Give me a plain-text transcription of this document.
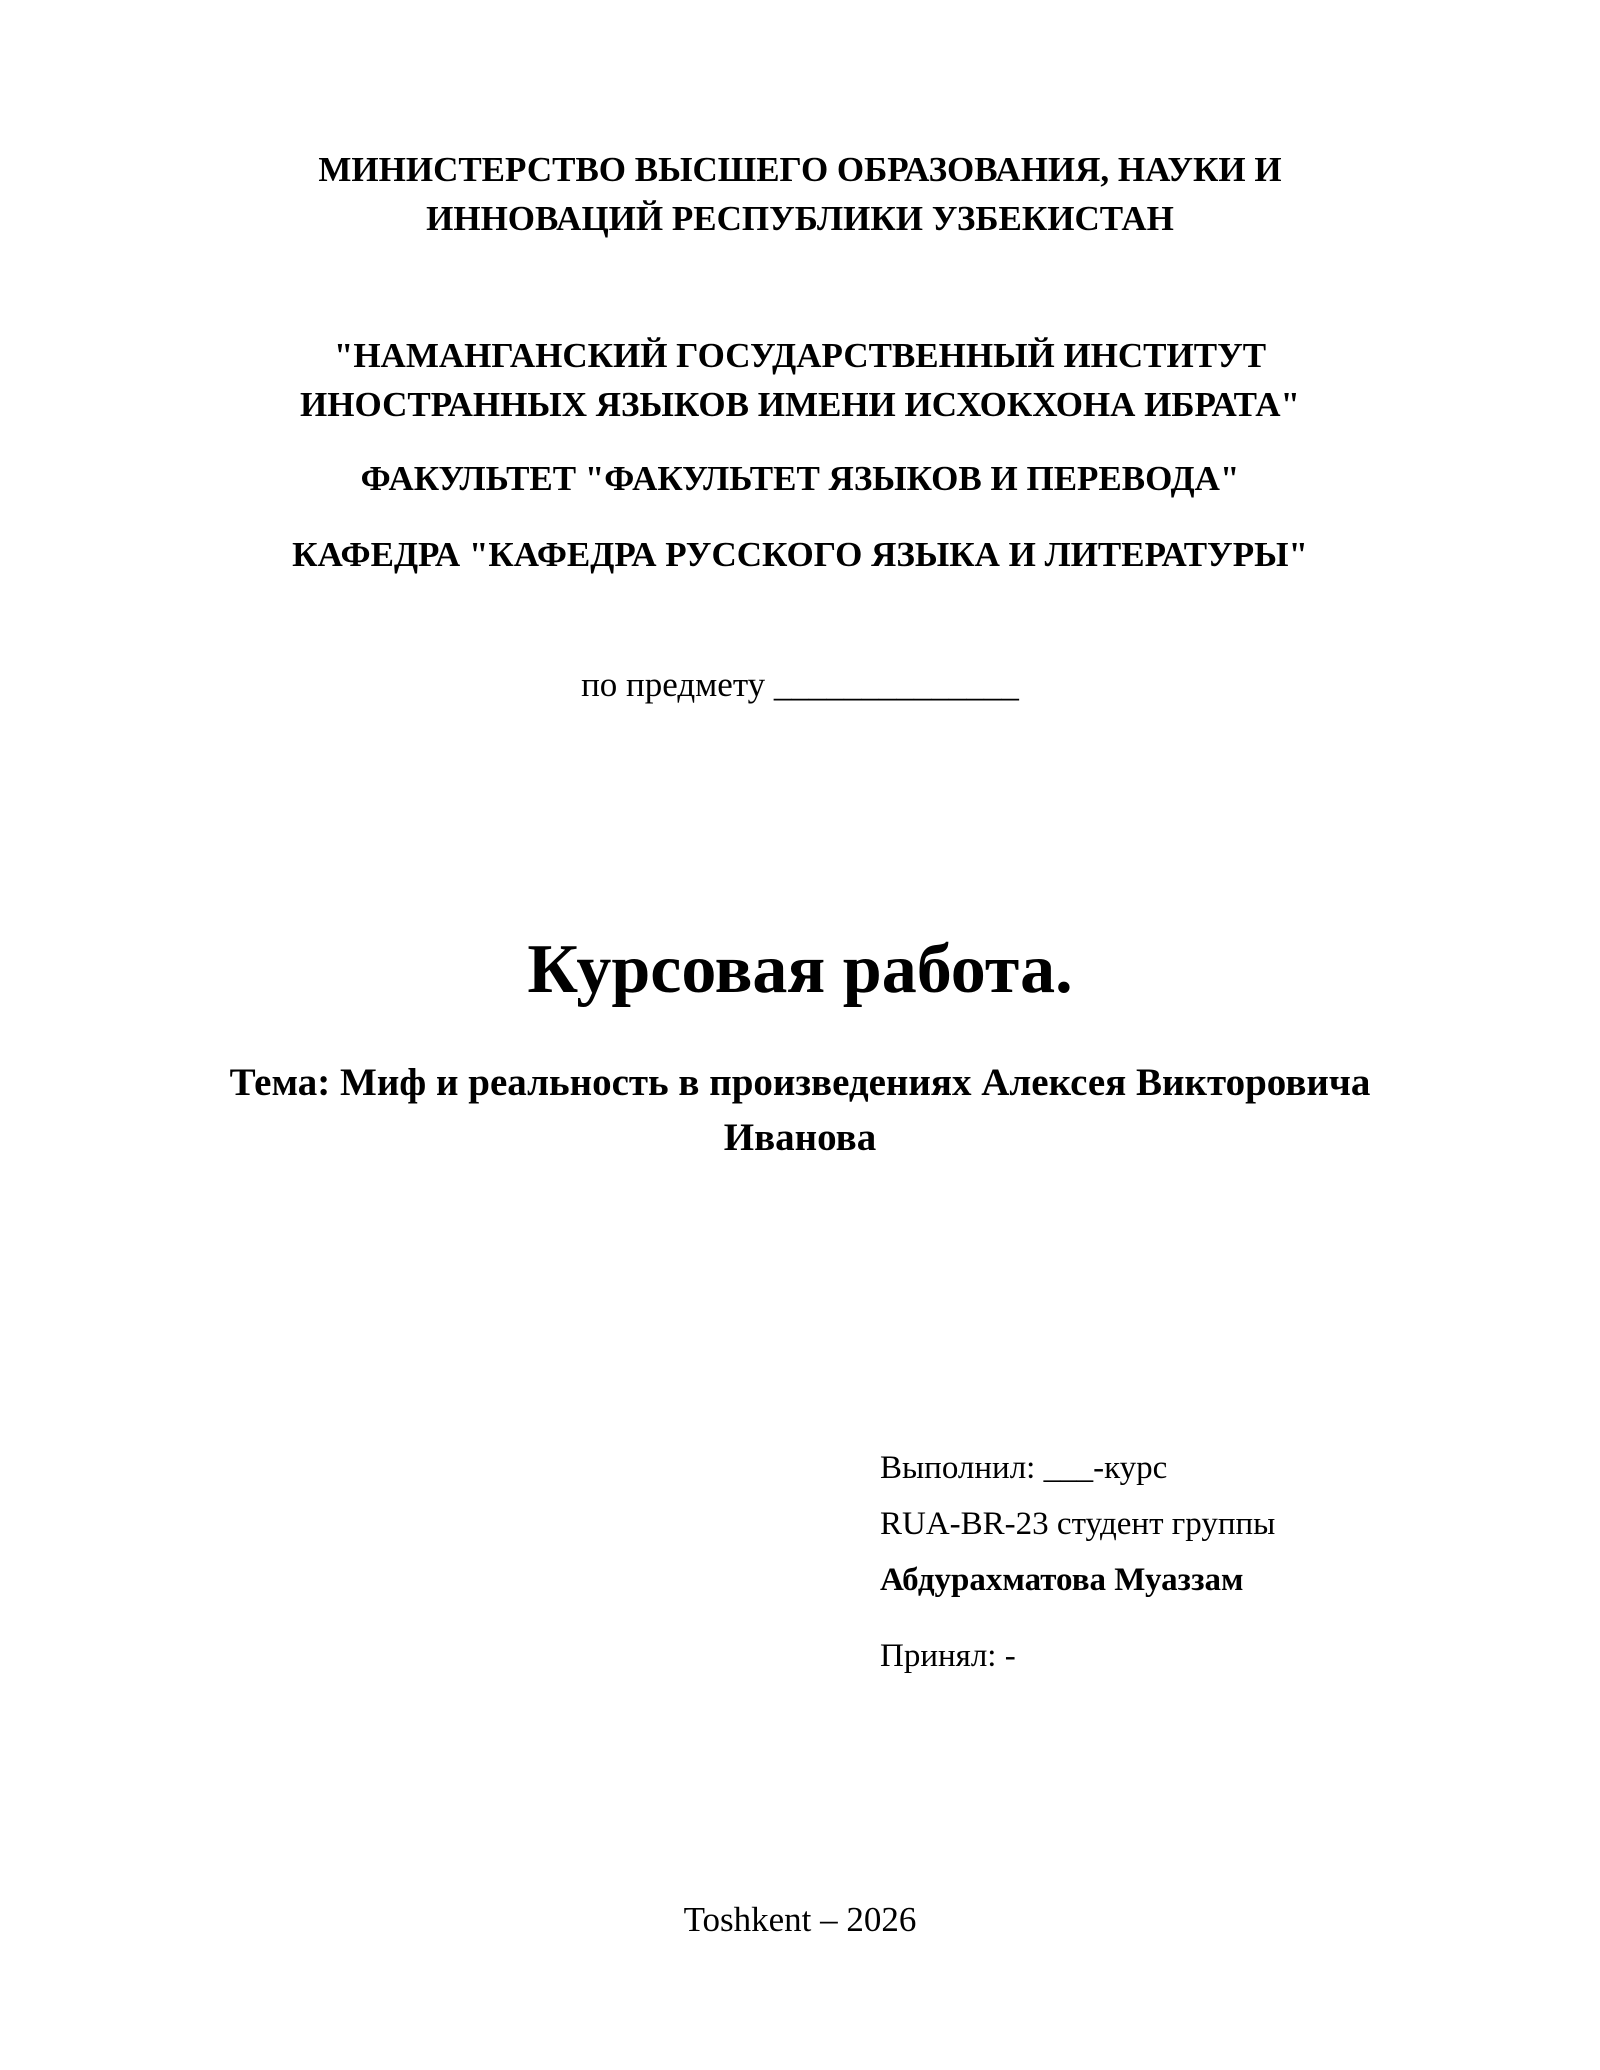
МИНИСТЕРСТВО ВЫСШЕГО ОБРАЗОВАНИЯ, НАУКИ И
ИННОВАЦИЙ РЕСПУБЛИКИ УЗБЕКИСТАН
"НАМАНГАНСКИЙ ГОСУДАРСТВЕННЫЙ ИНСТИТУТ
ИНОСТРАННЫХ ЯЗЫКОВ ИМЕНИ ИСХОКХОНА ИБРАТА"
ФАКУЛЬТЕТ "ФАКУЛЬТЕТ ЯЗЫКОВ И ПЕРЕВОДА"
КАФЕДРА "КАФЕДРА РУССКОГО ЯЗЫКА И ЛИТЕРАТУРЫ"
по предмету ______________
Курсовая работа.
Тема: Миф и реальность в произведениях Алексея Викторовича
Иванова
Выполнил: ___-курс
RUA-BR-23 студент группы
Абдурахматова Муаззам
Принял: -
Toshkent – 2026
